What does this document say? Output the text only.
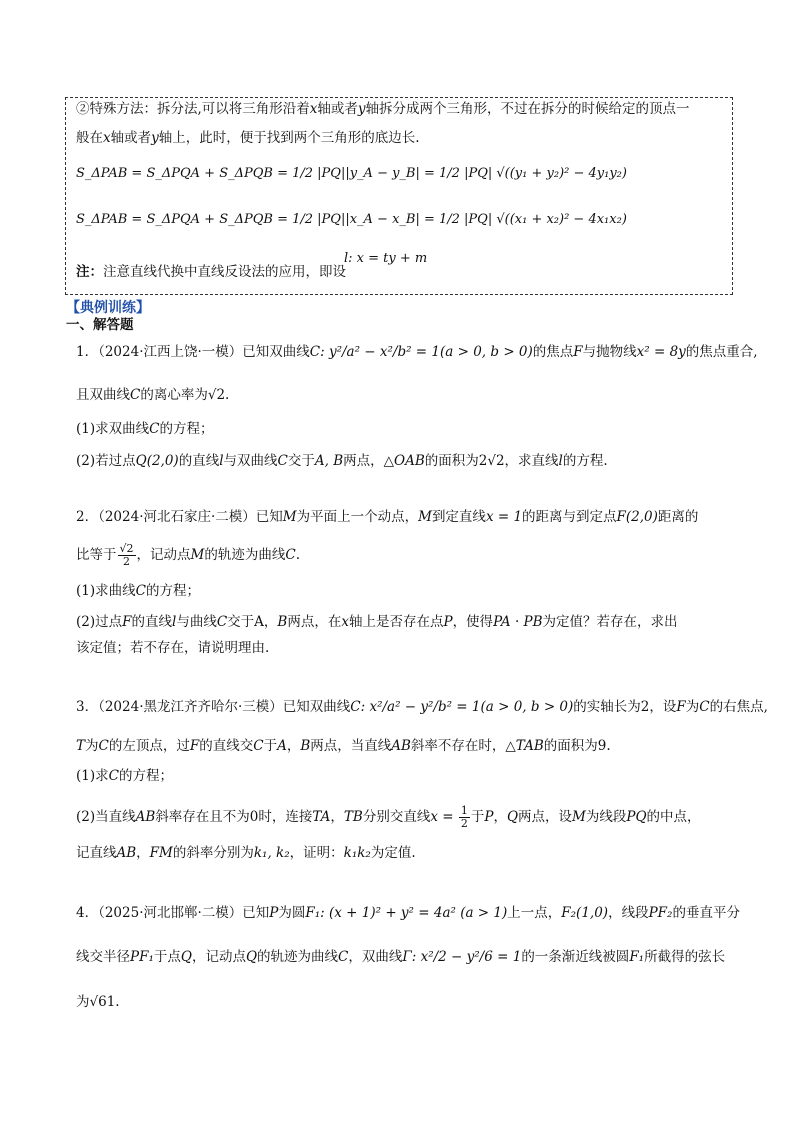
②特殊方法：拆分法,可以将三角形沿着x轴或者y轴拆分成两个三角形，不过在拆分的时候给定的顶点一
般在x轴或者y轴上，此时，便于找到两个三角形的底边长.
S_ΔPAB = S_ΔPQA + S_ΔPQB = 1/2 |PQ||y_A − y_B| = 1/2 |PQ| √((y₁ + y₂)² − 4y₁y₂)
S_ΔPAB = S_ΔPQA + S_ΔPQB = 1/2 |PQ||x_A − x_B| = 1/2 |PQ| √((x₁ + x₂)² − 4x₁x₂)
注：注意直线代换中直线反设法的应用，即设
l: x = ty + m
【典例训练】
一、解答题
1．（2024·江西上饶·一模）已知双曲线C: y²/a² − x²/b² = 1(a > 0, b > 0)的焦点F与抛物线x² = 8y的焦点重合,
且双曲线C的离心率为√2.
(1)求双曲线C的方程；
(2)若过点Q(2,0)的直线l与双曲线C交于A, B两点，△OAB的面积为2√2，求直线l的方程.
2．（2024·河北石家庄·二模）已知M为平面上一个动点，M到定直线x = 1的距离与到定点F(2,0)距离的
比等于 $\frac{√2}{2}$ ，记动点M的轨迹为曲线C.
(1)求曲线C的方程；
(2)过点F的直线l与曲线C交于A，B两点，在x轴上是否存在点P，使得PA · PB为定值？若存在，求出
该定值；若不存在，请说明理由.
3．（2024·黑龙江齐齐哈尔·三模）已知双曲线C: x²/a² − y²/b² = 1(a > 0, b > 0)的实轴长为2，设F为C的右焦点,
T为C的左顶点，过F的直线交C于A，B两点，当直线AB斜率不存在时，△TAB的面积为9.
(1)求C的方程；
(2)当直线AB斜率存在且不为0时，连接TA，TB分别交直线$x = \frac{1}{2}$ 于P，Q两点，设M为线段PQ的中点，
记直线AB，FM的斜率分别为k₁, k₂，证明：k₁k₂为定值.
4．（2025·河北邯郸·二模）已知P为圆F₁: (x + 1)² + y² = 4a² (a > 1)上一点，F₂(1,0)，线段PF₂的垂直平分
线交半径PF₁于点Q，记动点Q的轨迹为曲线C，双曲线Γ: x²/2 − y²/6 = 1的一条渐近线被圆F₁所截得的弦长
为√61.
